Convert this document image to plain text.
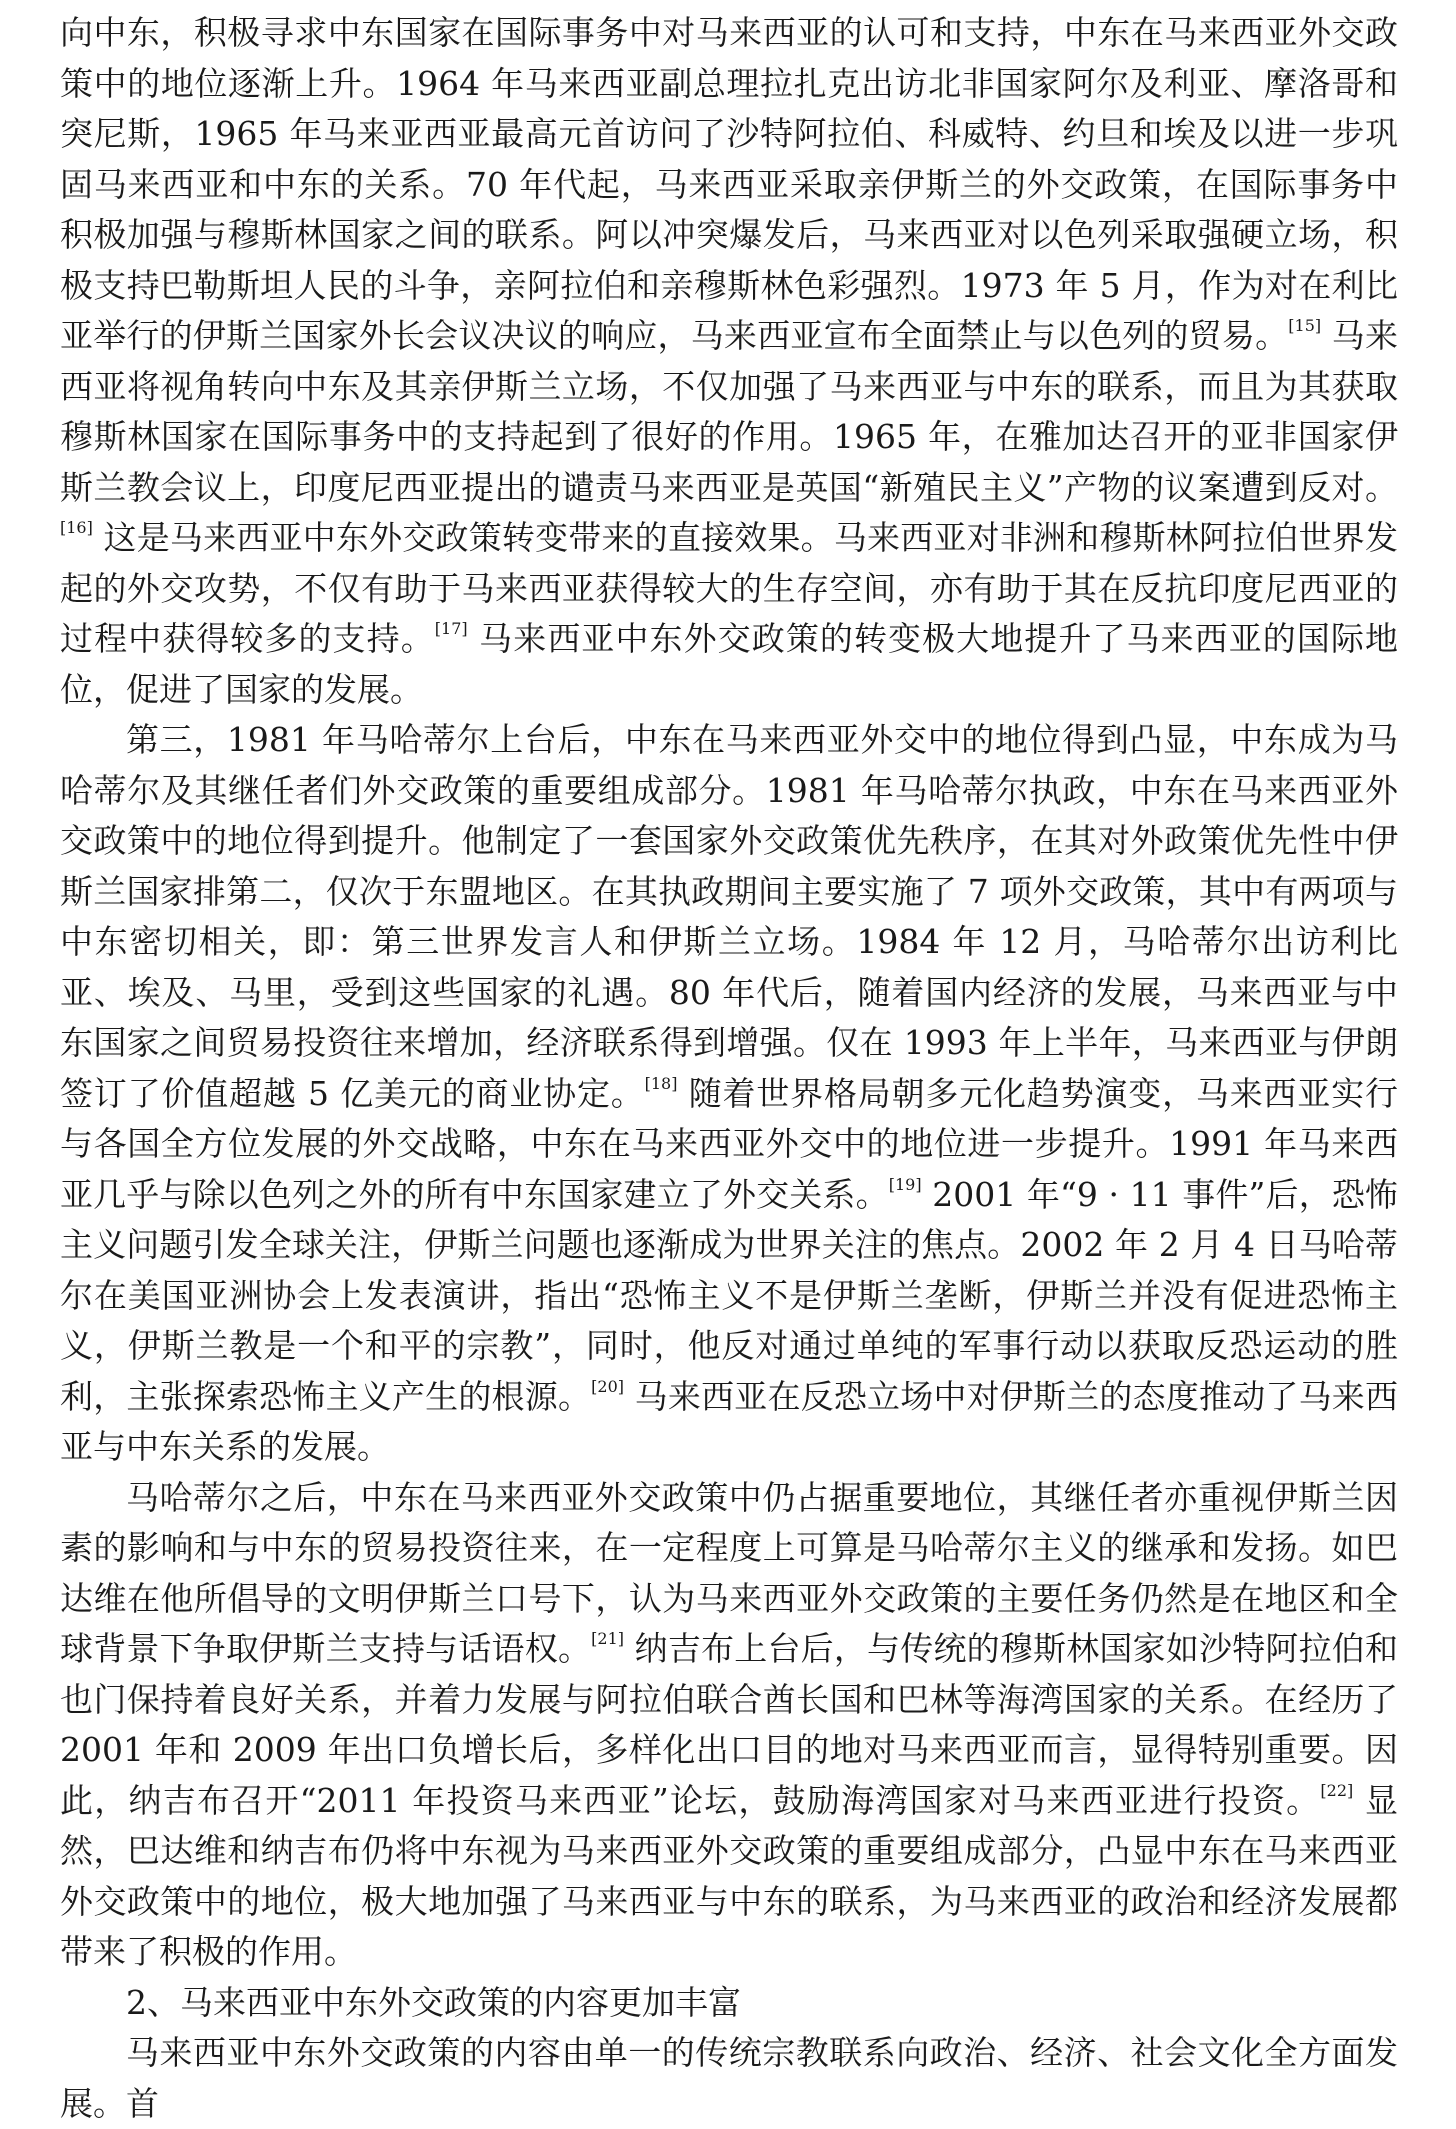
向中东，积极寻求中东国家在国际事务中对马来西亚的认可和支持，中东在马来西亚外交政策中的地位逐渐上升。1964 年马来西亚副总理拉扎克出访北非国家阿尔及利亚、摩洛哥和突尼斯，1965 年马来亚西亚最高元首访问了沙特阿拉伯、科威特、约旦和埃及以进一步巩固马来西亚和中东的关系。70 年代起，马来西亚采取亲伊斯兰的外交政策，在国际事务中积极加强与穆斯林国家之间的联系。阿以冲突爆发后，马来西亚对以色列采取强硬立场，积极支持巴勒斯坦人民的斗争，亲阿拉伯和亲穆斯林色彩强烈。1973 年 5 月，作为对在利比亚举行的伊斯兰国家外长会议决议的响应，马来西亚宣布全面禁止与以色列的贸易。[15] 马来西亚将视角转向中东及其亲伊斯兰立场，不仅加强了马来西亚与中东的联系，而且为其获取穆斯林国家在国际事务中的支持起到了很好的作用。1965 年，在雅加达召开的亚非国家伊斯兰教会议上，印度尼西亚提出的谴责马来西亚是英国“新殖民主义”产物的议案遭到反对。[16] 这是马来西亚中东外交政策转变带来的直接效果。马来西亚对非洲和穆斯林阿拉伯世界发起的外交攻势，不仅有助于马来西亚获得较大的生存空间，亦有助于其在反抗印度尼西亚的过程中获得较多的支持。[17] 马来西亚中东外交政策的转变极大地提升了马来西亚的国际地位，促进了国家的发展。

第三，1981 年马哈蒂尔上台后，中东在马来西亚外交中的地位得到凸显，中东成为马哈蒂尔及其继任者们外交政策的重要组成部分。1981 年马哈蒂尔执政，中东在马来西亚外交政策中的地位得到提升。他制定了一套国家外交政策优先秩序，在其对外政策优先性中伊斯兰国家排第二，仅次于东盟地区。在其执政期间主要实施了 7 项外交政策，其中有两项与中东密切相关，即：第三世界发言人和伊斯兰立场。1984 年 12 月，马哈蒂尔出访利比亚、埃及、马里，受到这些国家的礼遇。80 年代后，随着国内经济的发展，马来西亚与中东国家之间贸易投资往来增加，经济联系得到增强。仅在 1993 年上半年，马来西亚与伊朗签订了价值超越 5 亿美元的商业协定。[18] 随着世界格局朝多元化趋势演变，马来西亚实行与各国全方位发展的外交战略，中东在马来西亚外交中的地位进一步提升。1991 年马来西亚几乎与除以色列之外的所有中东国家建立了外交关系。[19] 2001 年“9 · 11 事件”后，恐怖主义问题引发全球关注，伊斯兰问题也逐渐成为世界关注的焦点。2002 年 2 月 4 日马哈蒂尔在美国亚洲协会上发表演讲，指出“恐怖主义不是伊斯兰垄断，伊斯兰并没有促进恐怖主义，伊斯兰教是一个和平的宗教”，同时，他反对通过单纯的军事行动以获取反恐运动的胜利，主张探索恐怖主义产生的根源。[20] 马来西亚在反恐立场中对伊斯兰的态度推动了马来西亚与中东关系的发展。

马哈蒂尔之后，中东在马来西亚外交政策中仍占据重要地位，其继任者亦重视伊斯兰因素的影响和与中东的贸易投资往来，在一定程度上可算是马哈蒂尔主义的继承和发扬。如巴达维在他所倡导的文明伊斯兰口号下，认为马来西亚外交政策的主要任务仍然是在地区和全球背景下争取伊斯兰支持与话语权。[21] 纳吉布上台后，与传统的穆斯林国家如沙特阿拉伯和也门保持着良好关系，并着力发展与阿拉伯联合酋长国和巴林等海湾国家的关系。在经历了 2001 年和 2009 年出口负增长后，多样化出口目的地对马来西亚而言，显得特别重要。因此，纳吉布召开“2011 年投资马来西亚”论坛，鼓励海湾国家对马来西亚进行投资。[22] 显然，巴达维和纳吉布仍将中东视为马来西亚外交政策的重要组成部分，凸显中东在马来西亚外交政策中的地位，极大地加强了马来西亚与中东的联系，为马来西亚的政治和经济发展都带来了积极的作用。

2、马来西亚中东外交政策的内容更加丰富

马来西亚中东外交政策的内容由单一的传统宗教联系向政治、经济、社会文化全方面发展。首
